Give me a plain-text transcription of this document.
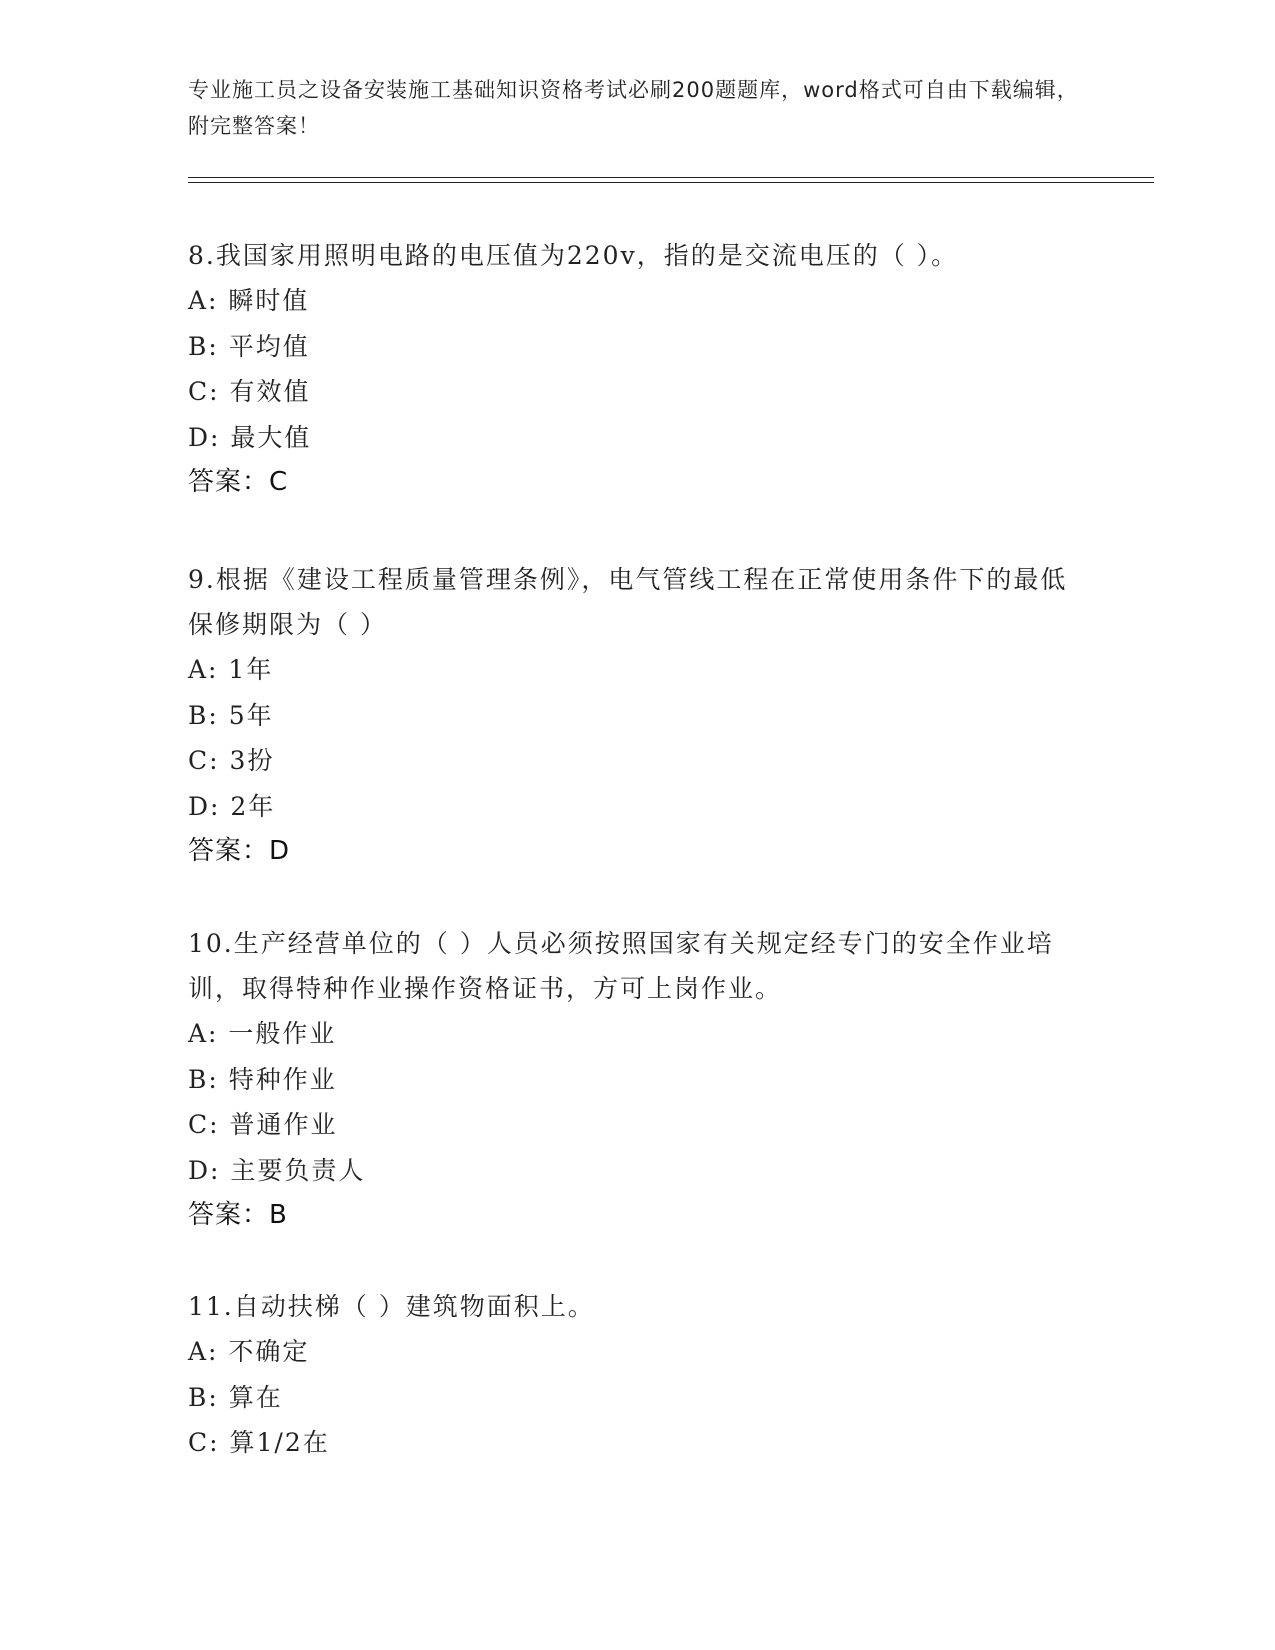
专业施工员之设备安装施工基础知识资格考试必刷200题题库，word格式可自由下载编辑，附完整答案！

8.我国家用照明电路的电压值为220v，指的是交流电压的（ ）。

A: 瞬时值

B: 平均值

C: 有效值

D: 最大值

答案：C

9.根据《建设工程质量管理条例》，电气管线工程在正常使用条件下的最低保修期限为（ ）

A: 1年

B: 5年

C: 3扮

D: 2年

答案：D

10.生产经营单位的（ ）人员必须按照国家有关规定经专门的安全作业培训，取得特种作业操作资格证书，方可上岗作业。

A: 一般作业

B: 特种作业

C: 普通作业

D: 主要负责人

答案：B

11.自动扶梯（ ）建筑物面积上。

A: 不确定

B: 算在

C: 算1/2在
